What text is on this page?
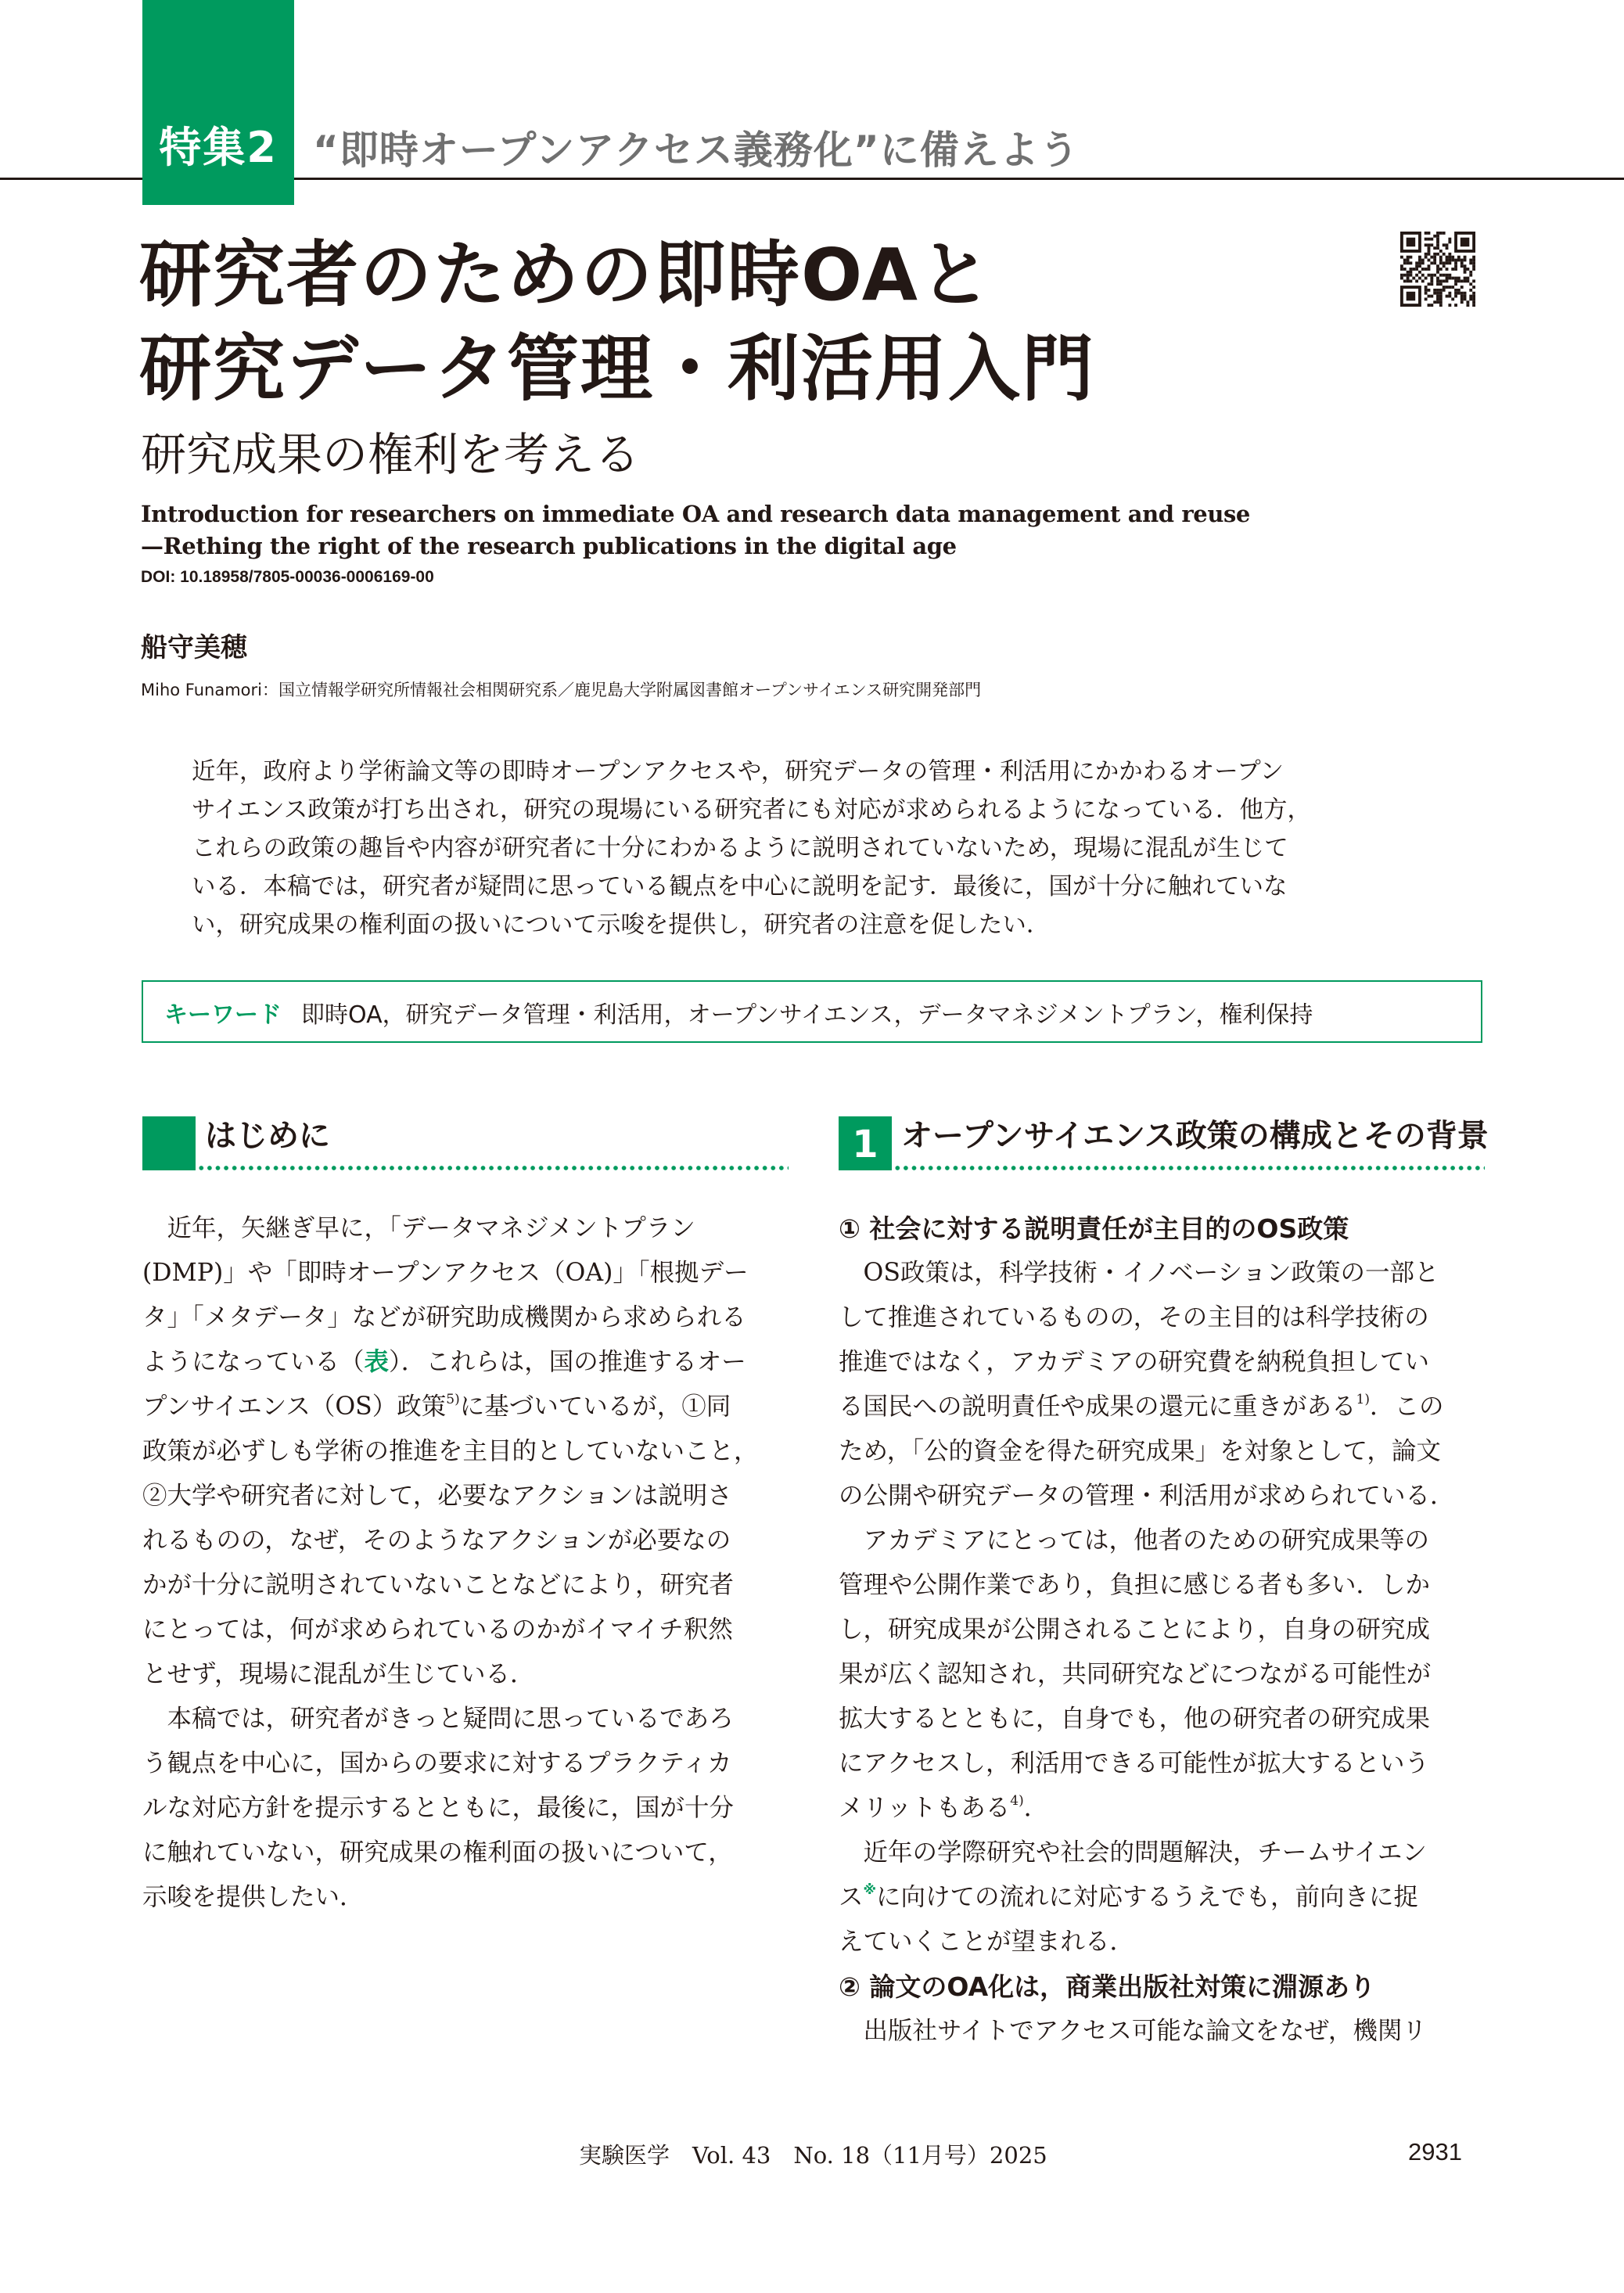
特集2 “即時オープンアクセス義務化”に備えよう
研究者のための即時OAと
研究データ管理・利活用入門
研究成果の権利を考える
Introduction for researchers on immediate OA and research data management and reuse
—Rething the right of the research publications in the digital age
DOI: 10.18958/7805-00036-0006169-00
船守美穂
Miho Funamori：国立情報学研究所情報社会相関研究系／鹿児島大学附属図書館オープンサイエンス研究開発部門
近年，政府より学術論文等の即時オープンアクセスや，研究データの管理・利活用にかかわるオープン
サイエンス政策が打ち出され，研究の現場にいる研究者にも対応が求められるようになっている．他方，
これらの政策の趣旨や内容が研究者に十分にわかるように説明されていないため，現場に混乱が生じて
いる．本稿では，研究者が疑問に思っている観点を中心に説明を記す．最後に，国が十分に触れていな
い，研究成果の権利面の扱いについて示唆を提供し，研究者の注意を促したい．
キーワード 即時OA，研究データ管理・利活用，オープンサイエンス，データマネジメントプラン，権利保持
はじめに	1 オープンサイエンス政策の構成とその背景
　近年，矢継ぎ早に，「データマネジメントプラン
(DMP)」や「即時オープンアクセス（OA)」「根拠デー
タ」「メタデータ」などが研究助成機関から求められる
ようになっている（表）．これらは，国の推進するオー
プンサイエンス（OS）政策$^{5)}$に基づいているが，①同
政策が必ずしも学術の推進を主目的としていないこと，
②大学や研究者に対して，必要なアクションは説明さ
れるものの，なぜ，そのようなアクションが必要なの
かが十分に説明されていないことなどにより，研究者
にとっては，何が求められているのかがイマイチ釈然
とせず，現場に混乱が生じている．
　本稿では，研究者がきっと疑問に思っているであろ
う観点を中心に，国からの要求に対するプラクティカ
ルな対応方針を提示するとともに，最後に，国が十分
に触れていない，研究成果の権利面の扱いについて，
示唆を提供したい．
① 社会に対する説明責任が主目的のOS政策
　OS政策は，科学技術・イノベーション政策の一部と
して推進されているものの，その主目的は科学技術の
推進ではなく，アカデミアの研究費を納税負担してい
る国民への説明責任や成果の還元に重きがある$^{1)}$．この
ため，「公的資金を得た研究成果」を対象として，論文
の公開や研究データの管理・利活用が求められている．
　アカデミアにとっては，他者のための研究成果等の
管理や公開作業であり，負担に感じる者も多い．しか
し，研究成果が公開されることにより，自身の研究成
果が広く認知され，共同研究などにつながる可能性が
拡大するとともに，自身でも，他の研究者の研究成果
にアクセスし，利活用できる可能性が拡大するという
メリットもある$^{4)}$．
　近年の学際研究や社会的問題解決，チームサイエン
ス※に向けての流れに対応するうえでも，前向きに捉
えていくことが望まれる．
② 論文のOA化は，商業出版社対策に淵源あり
　出版社サイトでアクセス可能な論文をなぜ，機関リ
実験医学　Vol. 43　No. 18（11月号）2025	2931
